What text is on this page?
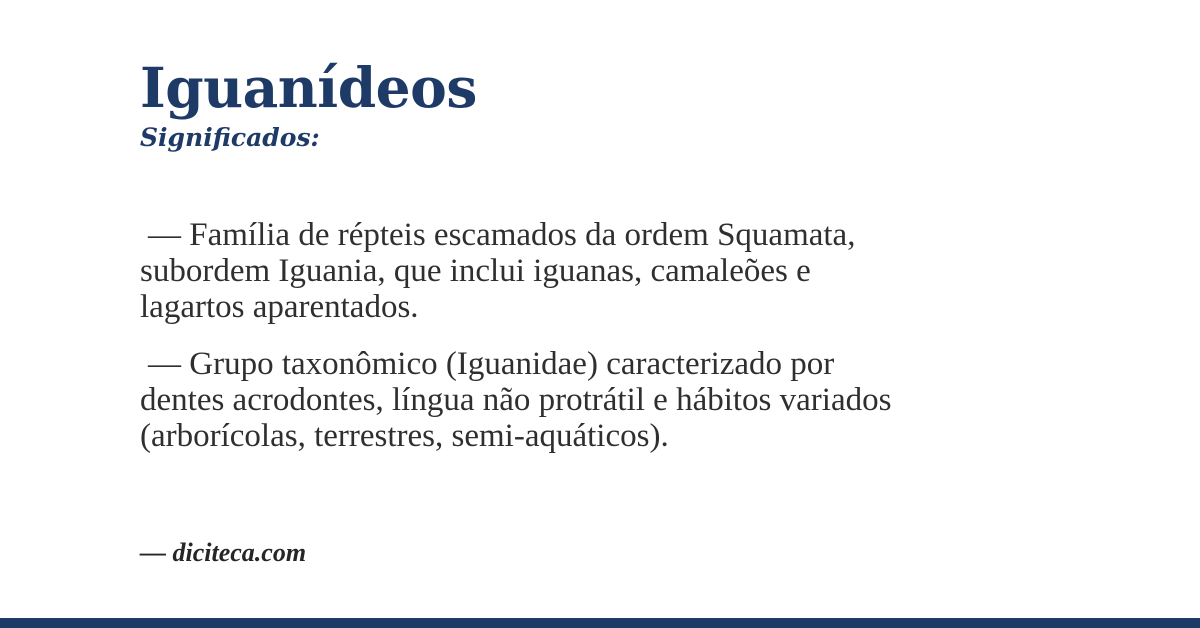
Iguanídeos
Significados:

— Família de répteis escamados da ordem Squamata,
subordem Iguania, que inclui iguanas, camaleões e
lagartos aparentados.

— Grupo taxonômico (Iguanidae) caracterizado por
dentes acrodontes, língua não protrátil e hábitos variados
(arborícolas, terrestres, semi-aquáticos).

— diciteca.com
